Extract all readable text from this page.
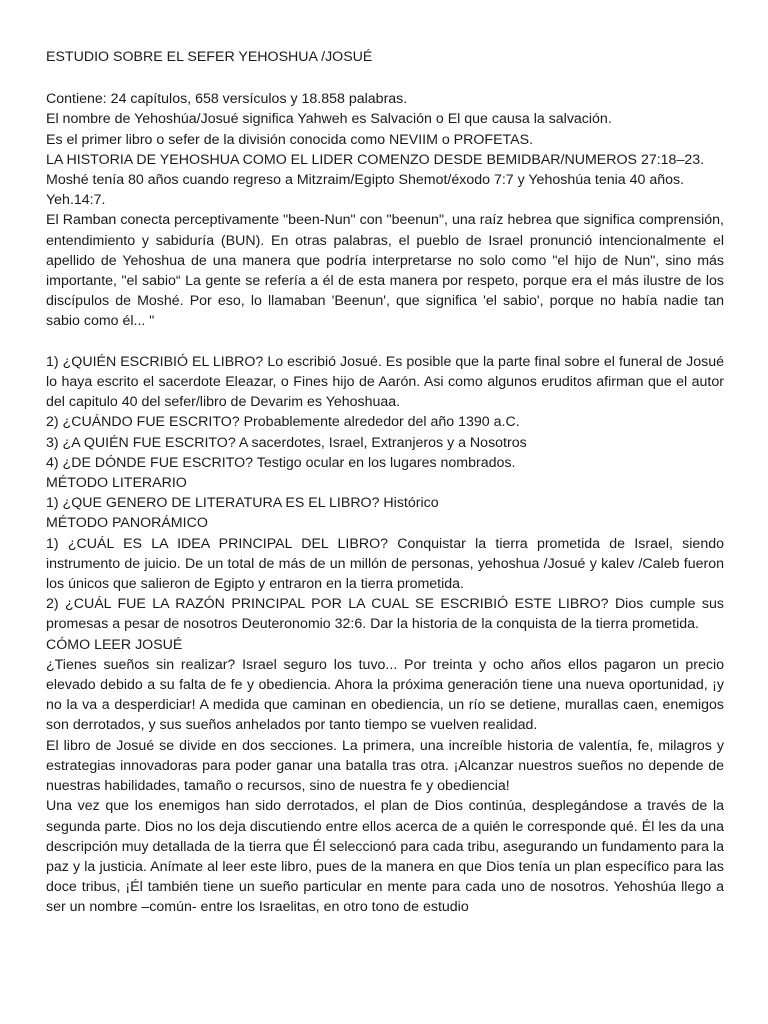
ESTUDIO SOBRE EL SEFER YEHOSHUA /JOSUÉ

Contiene: 24 capítulos, 658 versículos y 18.858 palabras.

El nombre de Yehoshúa/Josué significa Yahweh es Salvación o El que causa la salvación.

Es el primer libro o sefer de la división conocida como NEVIIM o PROFETAS.

LA HISTORIA DE YEHOSHUA COMO EL LIDER COMENZO DESDE BEMIDBAR/NUMEROS 27:18–23.

Moshé tenía 80 años cuando regreso a Mitzraim/Egipto Shemot/éxodo 7:7 y Yehoshúa tenia 40 años. Yeh.14:7.

El Ramban conecta perceptivamente "been-Nun" con "beenun", una raíz hebrea que significa comprensión, entendimiento y sabiduría (BUN). En otras palabras, el pueblo de Israel pronunció intencionalmente el apellido de Yehoshua de una manera que podría interpretarse no solo como "el hijo de Nun", sino más importante, "el sabio“ La gente se refería a él de esta manera por respeto, porque era el más ilustre de los discípulos de Moshé. Por eso, lo llamaban 'Beenun', que significa 'el sabio', porque no había nadie tan sabio como él... "

1) ¿QUIÉN ESCRIBIÓ EL LIBRO? Lo escribió Josué. Es posible que la parte final sobre el funeral de Josué lo haya escrito el sacerdote Eleazar, o Fines hijo de Aarón. Asi como algunos eruditos afirman que el autor del capitulo 40 del sefer/libro de Devarim es Yehoshuaa.

2) ¿CUÁNDO FUE ESCRITO? Probablemente alrededor del año 1390 a.C.

3) ¿A QUIÉN FUE ESCRITO? A sacerdotes, Israel, Extranjeros y a Nosotros

4) ¿DE DÓNDE FUE ESCRITO? Testigo ocular en los lugares nombrados.

MÉTODO LITERARIO

1) ¿QUE GENERO DE LITERATURA ES EL LIBRO? Histórico

MÉTODO PANORÁMICO

1) ¿CUÁL ES LA IDEA PRINCIPAL DEL LIBRO? Conquistar la tierra prometida de Israel, siendo instrumento de juicio. De un total de más de un millón de personas, yehoshua /Josué y kalev /Caleb fueron los únicos que salieron de Egipto y entraron en la tierra prometida.

2) ¿CUÁL FUE LA RAZÓN PRINCIPAL POR LA CUAL SE ESCRIBIÓ ESTE LIBRO? Dios cumple sus promesas a pesar de nosotros Deuteronomio 32:6. Dar la historia de la conquista de la tierra prometida.

CÓMO LEER JOSUÉ

¿Tienes sueños sin realizar? Israel seguro los tuvo... Por treinta y ocho años ellos pagaron un precio elevado debido a su falta de fe y obediencia. Ahora la próxima generación tiene una nueva oportunidad, ¡y no la va a desperdiciar! A medida que caminan en obediencia, un río se detiene, murallas caen, enemigos son derrotados, y sus sueños anhelados por tanto tiempo se vuelven realidad.

El libro de Josué se divide en dos secciones. La primera, una increíble historia de valentía, fe, milagros y estrategias innovadoras para poder ganar una batalla tras otra. ¡Alcanzar nuestros sueños no depende de nuestras habilidades, tamaño o recursos, sino de nuestra fe y obediencia!

Una vez que los enemigos han sido derrotados, el plan de Dios continúa, desplegándose a través de la segunda parte. Dios no los deja discutiendo entre ellos acerca de a quién le corresponde qué. Él les da una descripción muy detallada de la tierra que Él seleccionó para cada tribu, asegurando un fundamento para la paz y la justicia. Anímate al leer este libro, pues de la manera en que Dios tenía un plan específico para las doce tribus, ¡Él también tiene un sueño particular en mente para cada uno de nosotros. Yehoshúa llego a ser un nombre –común- entre los Israelitas, en otro tono de estudio
